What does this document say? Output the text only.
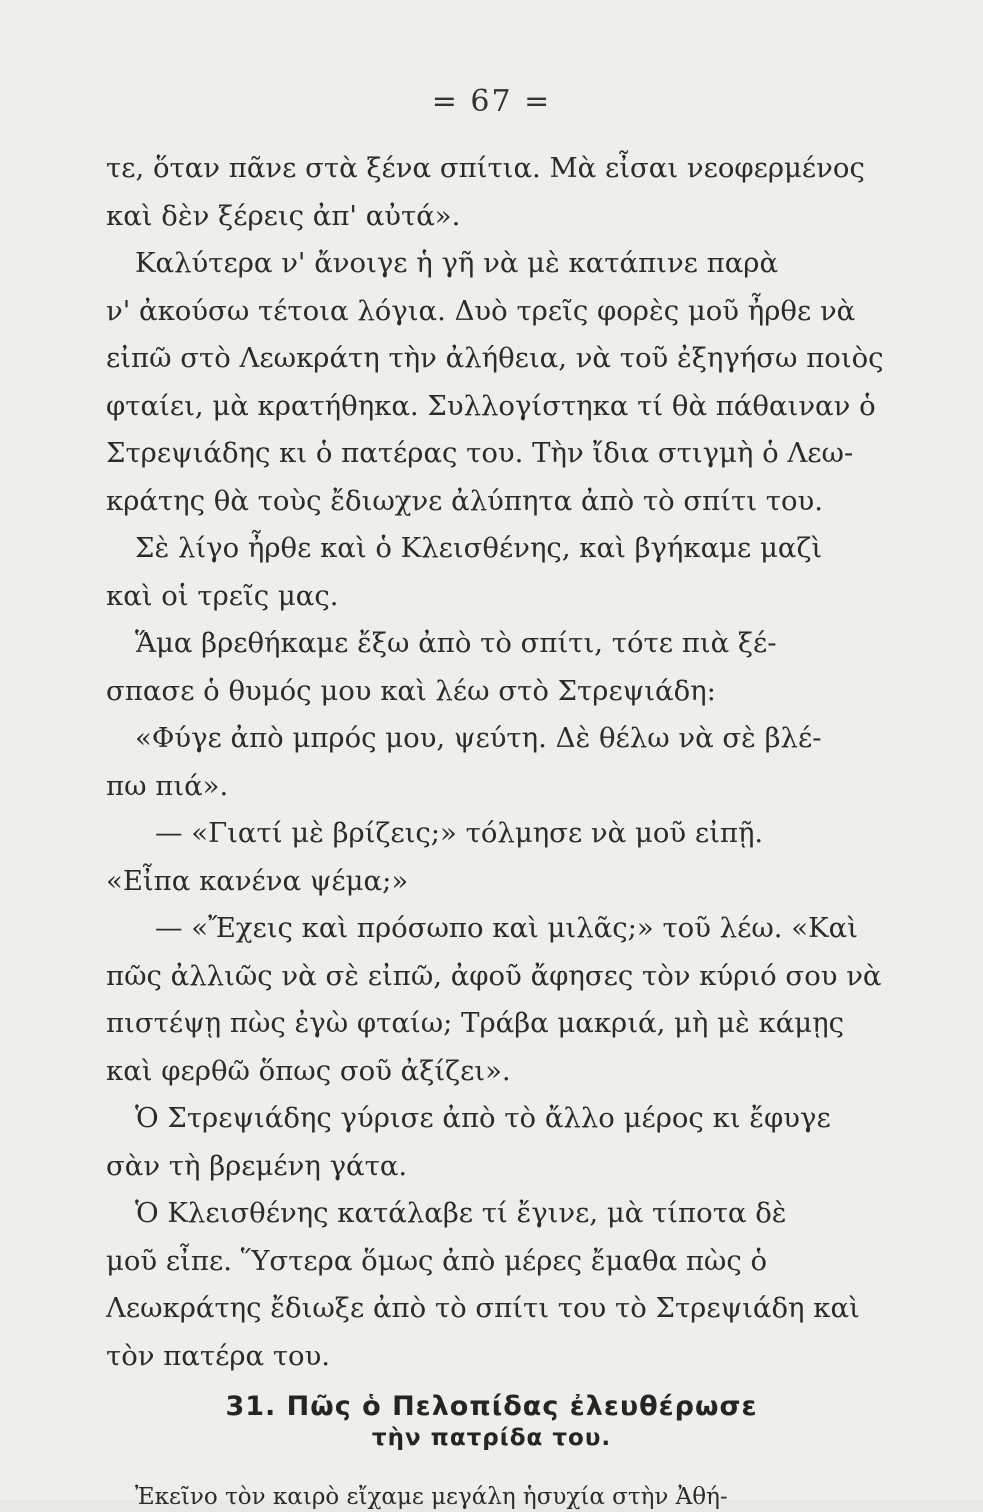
= 67 =
τε, ὅταν πᾶνε στὰ ξένα σπίτια. Μὰ εἶσαι νεοφερμένος
καὶ δὲν ξέρεις ἀπ' αὐτά».
Καλύτερα ν' ἄνοιγε ἡ γῆ νὰ μὲ κατάπινε παρὰ
ν' ἀκούσω τέτοια λόγια. Δυὸ τρεῖς φορὲς μοῦ ἦρθε νὰ
εἰπῶ στὸ Λεωκράτη τὴν ἀλήθεια, νὰ τοῦ ἐξηγήσω ποιὸς
φταίει, μὰ κρατήθηκα. Συλλογίστηκα τί θὰ πάθαιναν ὁ
Στρεψιάδης κι ὁ πατέρας του. Τὴν ἴδια στιγμὴ ὁ Λεω-
κράτης θὰ τοὺς ἔδιωχνε ἀλύπητα ἀπὸ τὸ σπίτι του.
Σὲ λίγο ἦρθε καὶ ὁ Κλεισθένης, καὶ βγήκαμε μαζὶ
καὶ οἱ τρεῖς μας.
Ἅμα βρεθήκαμε ἔξω ἀπὸ τὸ σπίτι, τότε πιὰ ξέ-
σπασε ὁ θυμός μου καὶ λέω στὸ Στρεψιάδη:
«Φύγε ἀπὸ μπρός μου, ψεύτη. Δὲ θέλω νὰ σὲ βλέ-
πω πιά».
— «Γιατί μὲ βρίζεις;» τόλμησε νὰ μοῦ εἰπῇ.
«Εἶπα κανένα ψέμα;»
— «Ἔχεις καὶ πρόσωπο καὶ μιλᾶς;» τοῦ λέω. «Καὶ
πῶς ἀλλιῶς νὰ σὲ εἰπῶ, ἀφοῦ ἄφησες τὸν κύριό σου νὰ
πιστέψῃ πὼς ἐγὼ φταίω; Τράβα μακριά, μὴ μὲ κάμῃς
καὶ φερθῶ ὅπως σοῦ ἀξίζει».
Ὁ Στρεψιάδης γύρισε ἀπὸ τὸ ἄλλο μέρος κι ἔφυγε
σὰν τὴ βρεμένη γάτα.
Ὁ Κλεισθένης κατάλαβε τί ἔγινε, μὰ τίποτα δὲ
μοῦ εἶπε. Ὕστερα ὅμως ἀπὸ μέρες ἔμαθα πὼς ὁ
Λεωκράτης ἔδιωξε ἀπὸ τὸ σπίτι του τὸ Στρεψιάδη καὶ
τὸν πατέρα του.
31. Πῶς ὁ Πελοπίδας ἐλευθέρωσε
τὴν πατρίδα του.
Ἐκεῖνο τὸν καιρὸ εἴχαμε μεγάλη ἡσυχία στὴν Ἀθή-
